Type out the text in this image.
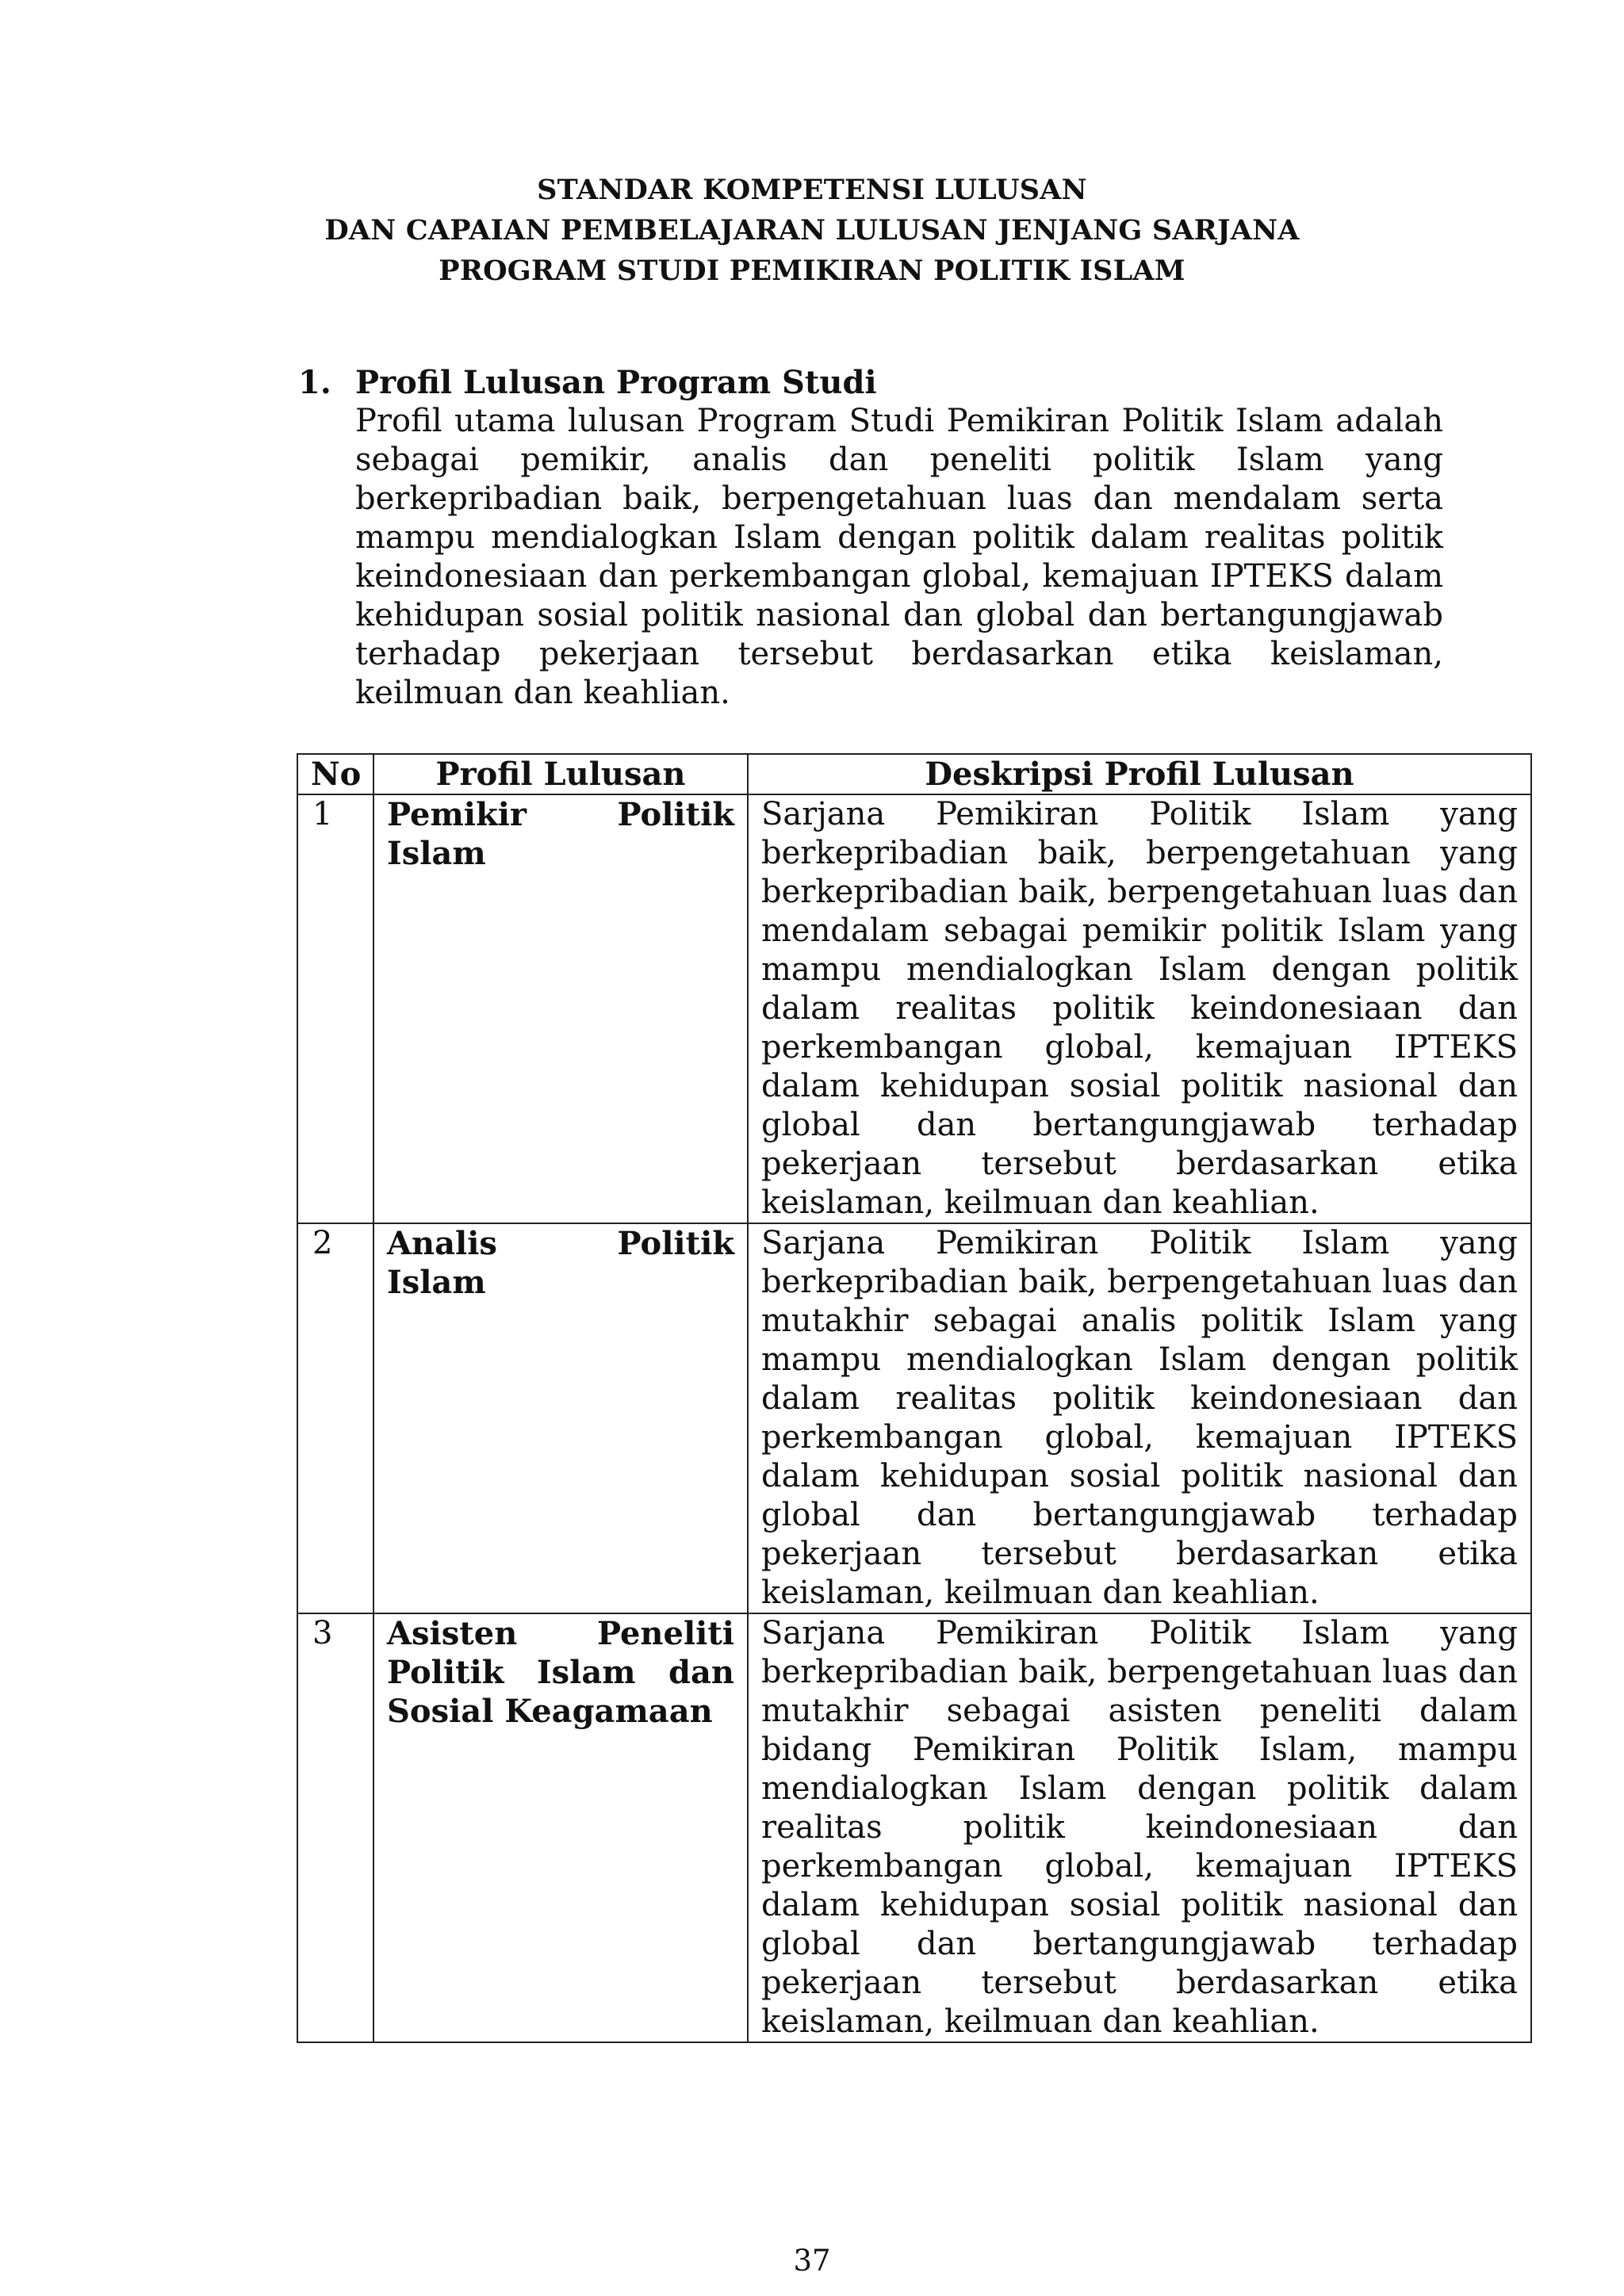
STANDAR KOMPETENSI LULUSAN
DAN CAPAIAN PEMBELAJARAN LULUSAN JENJANG SARJANA
PROGRAM STUDI PEMIKIRAN POLITIK ISLAM
1. Profil Lulusan Program Studi
Profil utama lulusan Program Studi Pemikiran Politik Islam adalah sebagai pemikir, analis dan peneliti politik Islam yang berkepribadian baik, berpengetahuan luas dan mendalam serta mampu mendialogkan Islam dengan politik dalam realitas politik keindonesiaan dan perkembangan global, kemajuan IPTEKS dalam kehidupan sosial politik nasional dan global dan bertangungjawab terhadap pekerjaan tersebut berdasarkan etika keislaman, keilmuan dan keahlian.
No	Profil Lulusan	Deskripsi Profil Lulusan
1	Pemikir Politik Islam	Sarjana Pemikiran Politik Islam yang berkepribadian baik, berpengetahuan yang berkepribadian baik, berpengetahuan luas dan mendalam sebagai pemikir politik Islam yang mampu mendialogkan Islam dengan politik dalam realitas politik keindonesiaan dan perkembangan global, kemajuan IPTEKS dalam kehidupan sosial politik nasional dan global dan bertangungjawab terhadap pekerjaan tersebut berdasarkan etika keislaman, keilmuan dan keahlian.
2	Analis Politik Islam	Sarjana Pemikiran Politik Islam yang berkepribadian baik, berpengetahuan luas dan mutakhir sebagai analis politik Islam yang mampu mendialogkan Islam dengan politik dalam realitas politik keindonesiaan dan perkembangan global, kemajuan IPTEKS dalam kehidupan sosial politik nasional dan global dan bertangungjawab terhadap pekerjaan tersebut berdasarkan etika keislaman, keilmuan dan keahlian.
3	Asisten Peneliti Politik Islam dan Sosial Keagamaan	Sarjana Pemikiran Politik Islam yang berkepribadian baik, berpengetahuan luas dan mutakhir sebagai asisten peneliti dalam bidang Pemikiran Politik Islam, mampu mendialogkan Islam dengan politik dalam realitas politik keindonesiaan dan perkembangan global, kemajuan IPTEKS dalam kehidupan sosial politik nasional dan global dan bertangungjawab terhadap pekerjaan tersebut berdasarkan etika keislaman, keilmuan dan keahlian.
37
